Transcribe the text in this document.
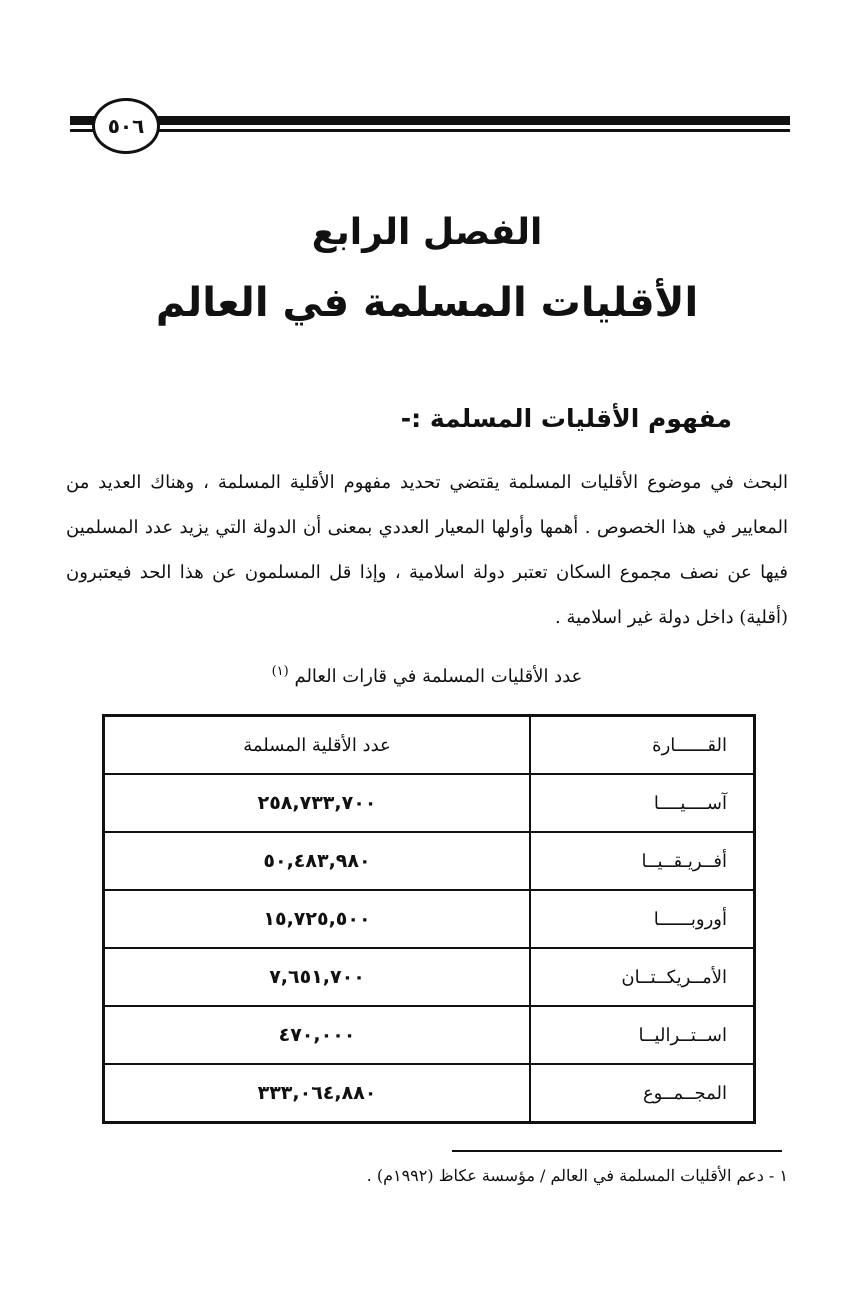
٥٠٦
الفصل الرابع
الأقليات المسلمة في العالم
مفهوم الأقليات المسلمة :-

البحث في موضوع الأقليات المسلمة يقتضي تحديد مفهوم الأقلية المسلمة ، وهناك العديد من المعايير في هذا الخصوص . أهمها وأولها المعيار العددي بمعنى أن الدولة التي يزيد عدد المسلمين فيها عن نصف مجموع السكان تعتبر دولة اسلامية ، وإذا قل المسلمون عن هذا الحد فيعتبرون (أقلية) داخل دولة غير اسلامية .

عدد الأقليات المسلمة في قارات العالم $^{(١)}$
القــــــارة	عدد الأقلية المسلمة
آســــيــــا	٢٥٨,٧٣٣,٧٠٠
أفــريـقــيــا	٥٠,٤٨٣,٩٨٠
أوروبــــــا	١٥,٧٢٥,٥٠٠
الأمــريكــتــان	٧,٦٥١,٧٠٠
اســتــراليــا	٤٧٠,٠٠٠
المجــمــوع	٣٣٣,٠٦٤,٨٨٠
١ - دعم الأقليات المسلمة في العالم / مؤسسة عكاظ (١٩٩٢م) .
